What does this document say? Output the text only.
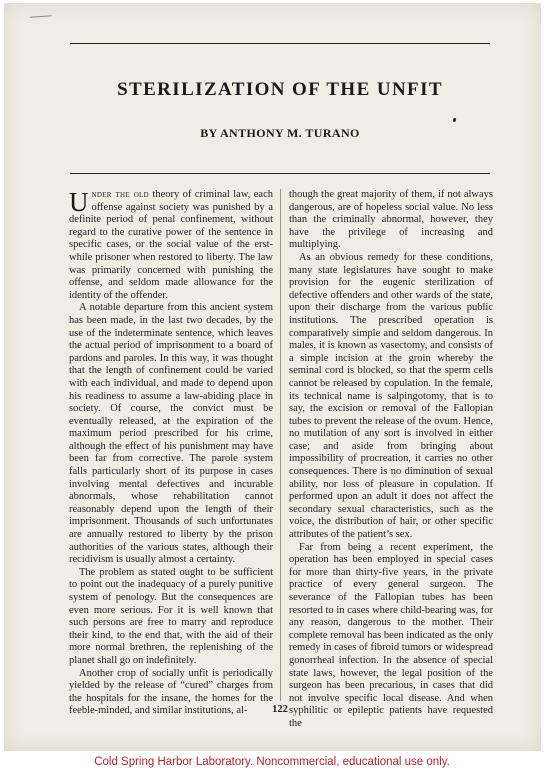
STERILIZATION OF THE UNFIT

BY ANTHONY M. TURANO

Under the old theory of criminal law, each offense against society was punished by a definite period of penal confinement, without regard to the curative power of the sentence in specific cases, or the social value of the erst-while prisoner when restored to liberty. The law was primarily concerned with punishing the offense, and seldom made allowance for the identity of the offender.

A notable departure from this ancient system has been made, in the last two decades, by the use of the indeterminate sentence, which leaves the actual period of imprisonment to a board of pardons and paroles. In this way, it was thought that the length of confinement could be varied with each individual, and made to depend upon his readiness to assume a law-abiding place in society. Of course, the convict must be eventually released, at the expiration of the maximum period prescribed for his crime, although the effect of his punishment may have been far from corrective. The parole system falls particularly short of its purpose in cases involving mental defectives and incurable abnormals, whose rehabilitation cannot reasonably depend upon the length of their imprisonment. Thousands of such unfortunates are annually restored to liberty by the prison authorities of the various states, although their recidivism is usually almost a certainty.

The problem as stated ought to be sufficient to point out the inadequacy of a purely punitive system of penology. But the consequences are even more serious. For it is well known that such persons are free to marry and reproduce their kind, to the end that, with the aid of their more normal brethren, the replenishing of the planet shall go on indefinitely.

Another crop of socially unfit is periodically yielded by the release of “cured” charges from the hospitals for the insane, the homes for the feeble-minded, and similar institutions, al-

though the great majority of them, if not always dangerous, are of hopeless social value. No less than the criminally abnormal, however, they have the privilege of increasing and multiplying.

As an obvious remedy for these conditions, many state legislatures have sought to make provision for the eugenic sterilization of defective offenders and other wards of the state, upon their discharge from the various public institutions. The prescribed operation is comparatively simple and seldom dangerous. In males, it is known as vasectomy, and consists of a simple incision at the groin whereby the seminal cord is blocked, so that the sperm cells cannot be released by copulation. In the female, its technical name is salpingotomy, that is to say, the excision or removal of the Fallopian tubes to prevent the release of the ovum. Hence, no mutilation of any sort is involved in either case; and aside from bringing about impossibility of procreation, it carries no other consequences. There is no diminution of sexual ability, nor loss of pleasure in copulation. If performed upon an adult it does not affect the secondary sexual characteristics, such as the voice, the distribution of hair, or other specific attributes of the patient’s sex.

Far from being a recent experiment, the operation has been employed in special cases for more than thirty-five years, in the private practice of every general surgeon. The severance of the Fallopian tubes has been resorted to in cases where child-bearing was, for any reason, dangerous to the mother. Their complete removal has been indicated as the only remedy in cases of fibroid tumors or widespread gonorrheal infection. In the absence of special state laws, however, the legal position of the surgeon has been precarious, in cases that did not involve specific local disease. And when syphilitic or epileptic patients have requested the

122

Cold Spring Harbor Laboratory. Noncommercial, educational use only.
